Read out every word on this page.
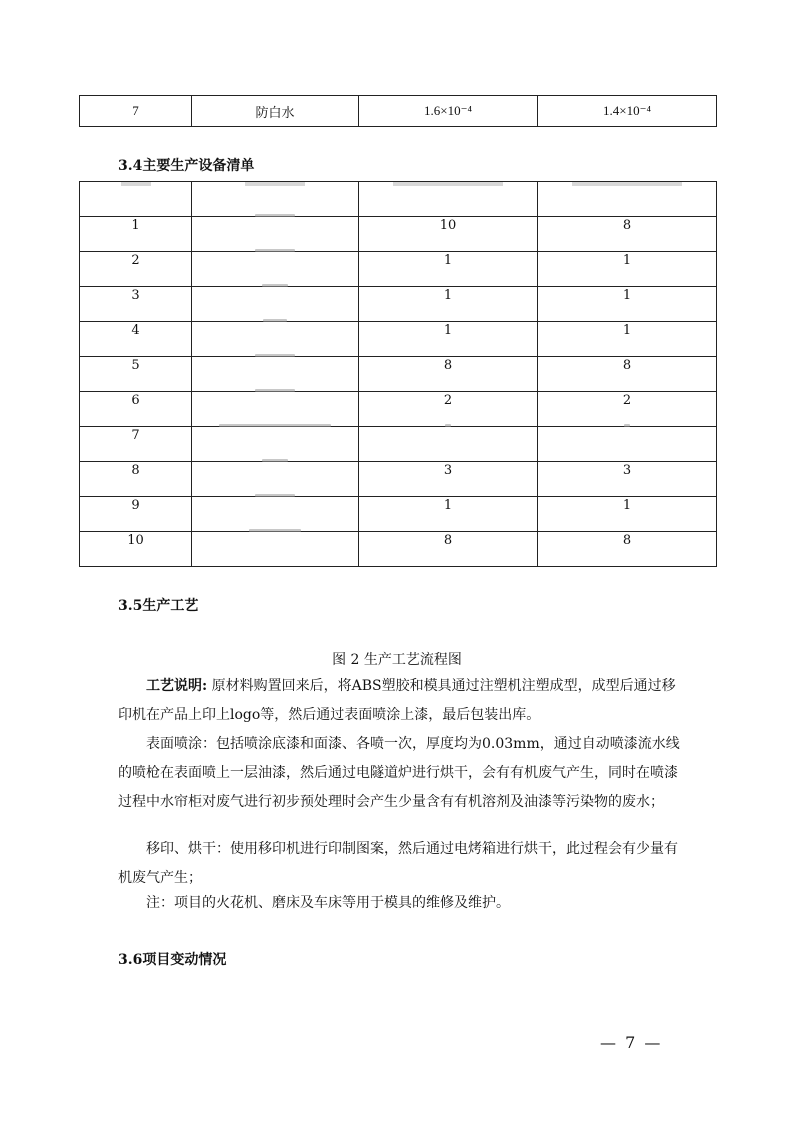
7	防白水	1.6×10⁻⁴	1.4×10⁻⁴
3.4主要生产设备清单

1		10	8
2		1	1
3		1	1
4		1	1
5		8	8
6		2	2
7	

8		3	3
9		1	1
10		8	8
3.5生产工艺
图 2 生产工艺流程图

工艺说明: 原材料购置回来后，将ABS塑胶和模具通过注塑机注塑成型，成型后通过移印机在产品上印上logo等，然后通过表面喷涂上漆，最后包装出库。

表面喷涂：包括喷涂底漆和面漆、各喷一次，厚度均为0.03mm，通过自动喷漆流水线的喷枪在表面喷上一层油漆，然后通过电隧道炉进行烘干，会有有机废气产生，同时在喷漆过程中水帘柜对废气进行初步预处理时会产生少量含有有机溶剂及油漆等污染物的废水；

移印、烘干：使用移印机进行印制图案，然后通过电烤箱进行烘干，此过程会有少量有机废气产生；

注：项目的火花机、磨床及车床等用于模具的维修及维护。

3.6项目变动情况
— 7 —
